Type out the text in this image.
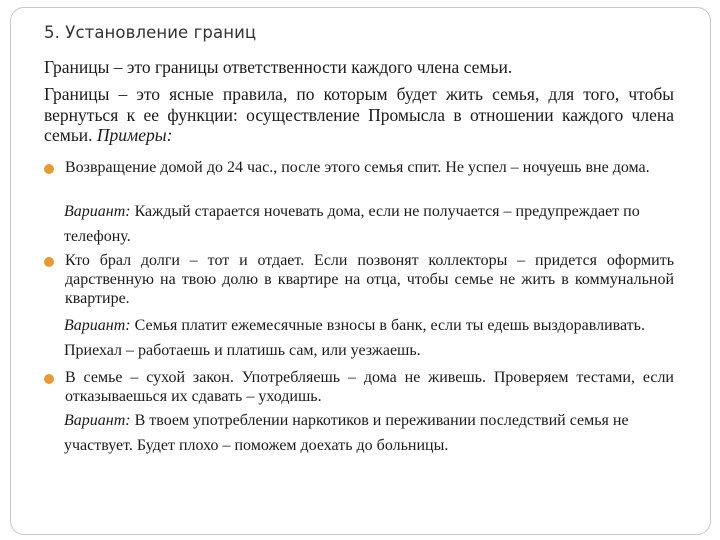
5. Установление границ

Границы – это границы ответственности каждого члена семьи.

Границы – это ясные правила, по которым будет жить семья, для того, чтобы вернуться к ее функции: осуществление Промысла в отношении каждого члена семьи. Примеры:

Возвращение домой до 24 час., после этого семья спит. Не успел – ночуешь вне дома.
Вариант: Каждый старается ночевать дома, если не получается – предупреждает по телефону.
Кто брал долги – тот и отдает. Если позвонят коллекторы – придется оформить дарственную на твою долю в квартире на отца, чтобы семье не жить в коммунальной квартире.
Вариант: Семья платит ежемесячные взносы в банк, если ты едешь выздоравливать. Приехал – работаешь и платишь сам, или уезжаешь.
В семье – сухой закон. Употребляешь – дома не живешь. Проверяем тестами, если отказываешься их сдавать – уходишь.
Вариант: В твоем употреблении наркотиков и переживании последствий семья не участвует. Будет плохо – поможем доехать до больницы.
